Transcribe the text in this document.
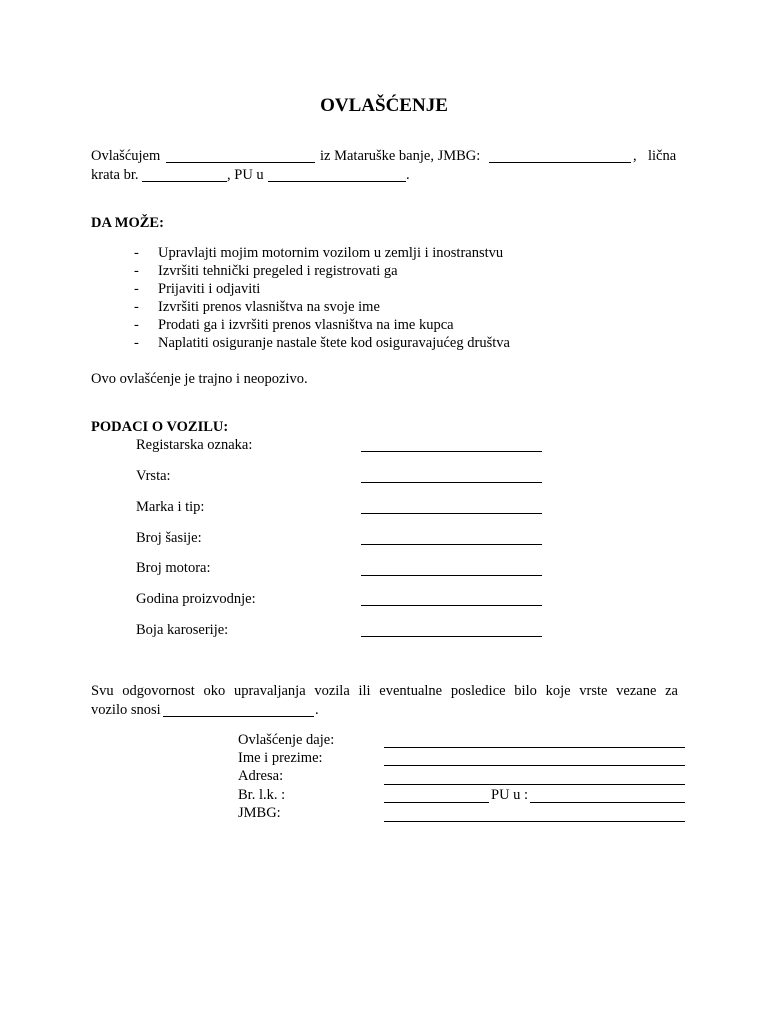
OVLAŠĆENJE
Ovlašćujem	iz Mataruške banje, JMBG:	, lična
krata br.	, PU u	.
DA MOŽE:
- Upravlajti mojim motornim vozilom u zemlji i inostranstvu
- Izvršiti tehnički pregeled i registrovati ga
- Prijaviti i odjaviti
- Izvršiti prenos vlasništva na svoje ime
- Prodati ga i izvršiti prenos vlasništva na ime kupca
- Naplatiti osiguranje nastale štete kod osiguravajućeg društva
Ovo ovlašćenje je trajno i neopozivo.
PODACI O VOZILU:
Registarska oznaka:
Vrsta:
Marka i tip:
Broj šasije:
Broj motora:
Godina proizvodnje:
Boja karoserije:
Svu odgovornost oko upravaljanja vozila ili eventualne posledice bilo koje vrste vezane za
vozilo snosi	.
Ovlašćenje daje:
Ime i prezime:
Adresa:
Br. l.k. :	PU u :
JMBG:
